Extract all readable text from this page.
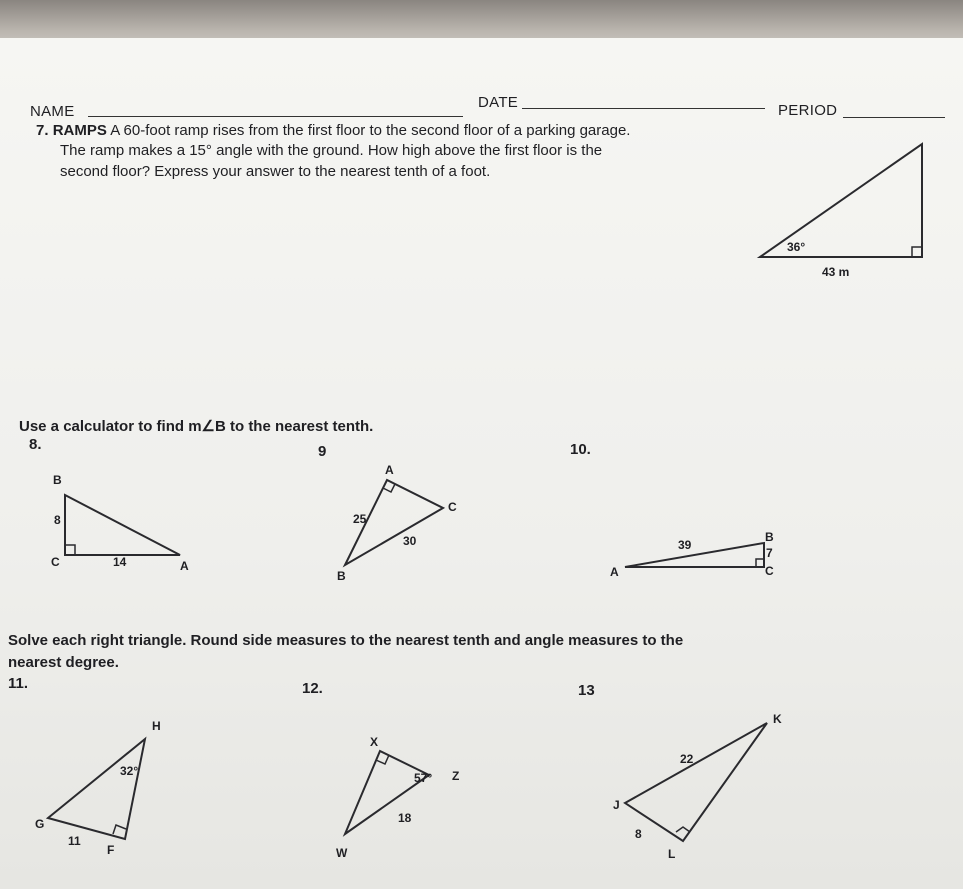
NAME
DATE	PERIOD
7. RAMPS A 60-foot ramp rises from the first floor to the second floor of a parking garage.
The ramp makes a 15° angle with the ground. How high above the first floor is the
second floor? Express your answer to the nearest tenth of a foot.
36°
43 m
Use a calculator to find m∠B to the nearest tenth.
8.	9	10.
B
8
C	14	A
A
C
25
30
B
39
B
7
C
A
Solve each right triangle. Round side measures to the nearest tenth and angle measures to the
nearest degree.
11.	12.	13
H
32°
G
11
F
X
57° Z
18
W
K
22
J
8
L
